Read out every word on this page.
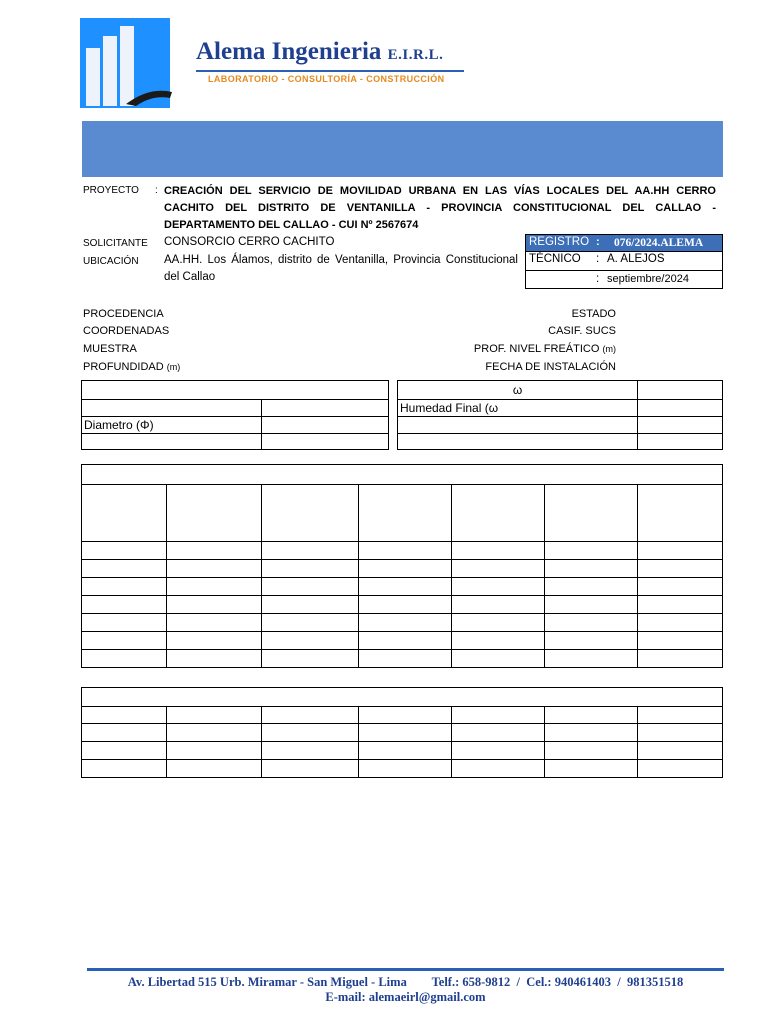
Alema Ingenieria E.I.R.L.
LABORATORIO - CONSULTORÍA - CONSTRUCCIÓN
PROYECTO : CREACIÓN DEL SERVICIO DE MOVILIDAD URBANA EN LAS VÍAS LOCALES DEL AA.HH CERRO CACHITO DEL DISTRITO DE VENTANILLA - PROVINCIA CONSTITUCIONAL DEL CALLAO - DEPARTAMENTO DEL CALLAO - CUI Nº 2567674
SOLICITANTE CONSORCIO CERRO CACHITO
UBICACIÓN AA.HH. Los Álamos, distrito de Ventanilla, Provincia Constitucional del Callao
REGISTRO : 076/2024.ALEMA
TÉCNICO : A. ALEJOS
: septiembre/2024
PROCEDENCIA
COORDENADAS
MUESTRA
PROFUNDIDAD (m)
ESTADO
CASIF. SUCS
PROF. NIVEL FREÁTICO (m)
FECHA DE INSTALACIÓN

Diametro (Φ)	

ω	
Humedad Final (ω	

Av. Libertad 515 Urb. Miramar - San Miguel - Lima        Telf.: 658-9812  /  Cel.: 940461403  /  981351518
E-mail: alemaeirl@gmail.com
